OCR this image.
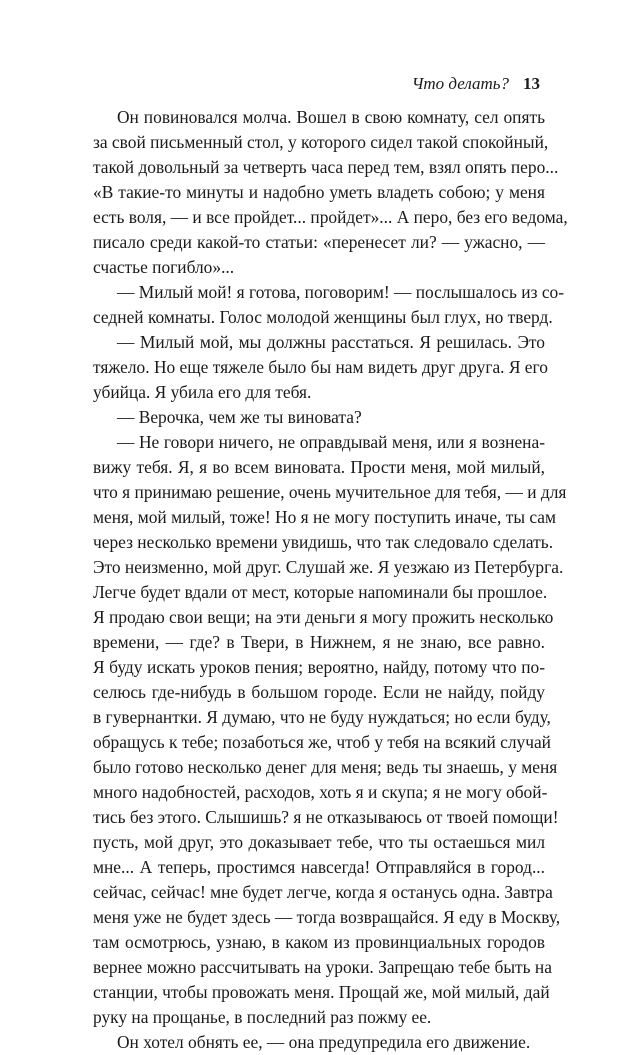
Что делать? 13
Он повиновался молча. Вошел в свою комнату, сел опять
за свой письменный стол, у которого сидел такой спокойный,
такой довольный за четверть часа перед тем, взял опять перо...
«В такие-то минуты и надобно уметь владеть собою; у меня
есть воля, — и все пройдет... пройдет»... А перо, без его ведома,
писало среди какой-то статьи: «перенесет ли? — ужасно, —
счастье погибло»...
— Милый мой! я готова, поговорим! — послышалось из со-
седней комнаты. Голос молодой женщины был глух, но тверд.
— Милый мой, мы должны расстаться. Я решилась. Это
тяжело. Но еще тяжеле было бы нам видеть друг друга. Я его
убийца. Я убила его для тебя.
— Верочка, чем же ты виновата?
— Не говори ничего, не оправдывай меня, или я вознена-
вижу тебя. Я, я во всем виновата. Прости меня, мой милый,
что я принимаю решение, очень мучительное для тебя, — и для
меня, мой милый, тоже! Но я не могу поступить иначе, ты сам
через несколько времени увидишь, что так следовало сделать.
Это неизменно, мой друг. Слушай же. Я уезжаю из Петербурга.
Легче будет вдали от мест, которые напоминали бы прошлое.
Я продаю свои вещи; на эти деньги я могу прожить несколько
времени, — где? в Твери, в Нижнем, я не знаю, все равно.
Я буду искать уроков пения; вероятно, найду, потому что по-
селюсь где-нибудь в большом городе. Если не найду, пойду
в гувернантки. Я думаю, что не буду нуждаться; но если буду,
обращусь к тебе; позаботься же, чтоб у тебя на всякий случай
было готово несколько денег для меня; ведь ты знаешь, у меня
много надобностей, расходов, хоть я и скупа; я не могу обой-
тись без этого. Слышишь? я не отказываюсь от твоей помощи!
пусть, мой друг, это доказывает тебе, что ты остаешься мил
мне... А теперь, простимся навсегда! Отправляйся в город...
сейчас, сейчас! мне будет легче, когда я останусь одна. Завтра
меня уже не будет здесь — тогда возвращайся. Я еду в Москву,
там осмотрюсь, узнаю, в каком из провинциальных городов
вернее можно рассчитывать на уроки. Запрещаю тебе быть на
станции, чтобы провожать меня. Прощай же, мой милый, дай
руку на прощанье, в последний раз пожму ее.
Он хотел обнять ее, — она предупредила его движение.
